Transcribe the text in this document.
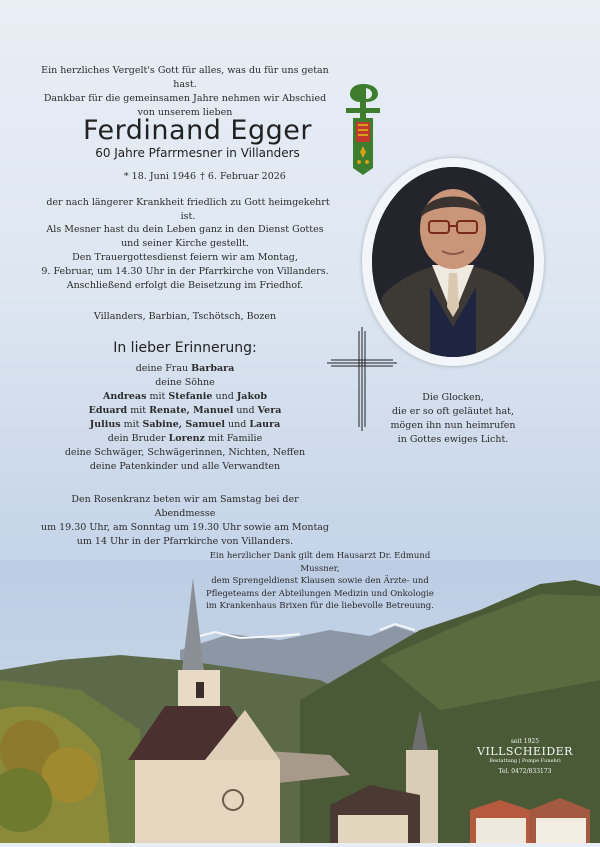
Ein herzliches Vergelt's Gott für alles, was du für uns getan hast.
Dankbar für die gemeinsamen Jahre nehmen wir Abschied
von unserem lieben
Ferdinand Egger
60 Jahre Pfarrmesner in Villanders
* 18. Juni 1946 † 6. Februar 2026
der nach längerer Krankheit friedlich zu Gott heimgekehrt ist.
Als Mesner hast du dein Leben ganz in den Dienst Gottes
und seiner Kirche gestellt.
Den Trauergottesdienst feiern wir am Montag,
9. Februar, um 14.30 Uhr in der Pfarrkirche von Villanders.
Anschließend erfolgt die Beisetzung im Friedhof.
Villanders, Barbian, Tschötsch, Bozen
In lieber Erinnerung:
deine Frau Barbara
deine Söhne
Andreas mit Stefanie und Jakob
Eduard mit Renate, Manuel und Vera
Julius mit Sabine, Samuel und Laura
dein Bruder Lorenz mit Familie
deine Schwäger, Schwägerinnen, Nichten, Neffen
deine Patenkinder und alle Verwandten
Den Rosenkranz beten wir am Samstag bei der Abendmesse
um 19.30 Uhr, am Sonntag um 19.30 Uhr sowie am Montag
um 14 Uhr in der Pfarrkirche von Villanders.
Die Glocken,
die er so oft geläutet hat,
mögen ihn nun heimrufen
in Gottes ewiges Licht.
Ein herzlicher Dank gilt dem Hausarzt Dr. Edmund Mussner,
dem Sprengeldienst Klausen sowie den Ärzte- und
Pflegeteams der Abteilungen Medizin und Onkologie
im Krankenhaus Brixen für die liebevolle Betreuung.
seit 1925
VILLSCHEIDER
Bestattung | Pompe Funebri
Tel. 0472/833173
